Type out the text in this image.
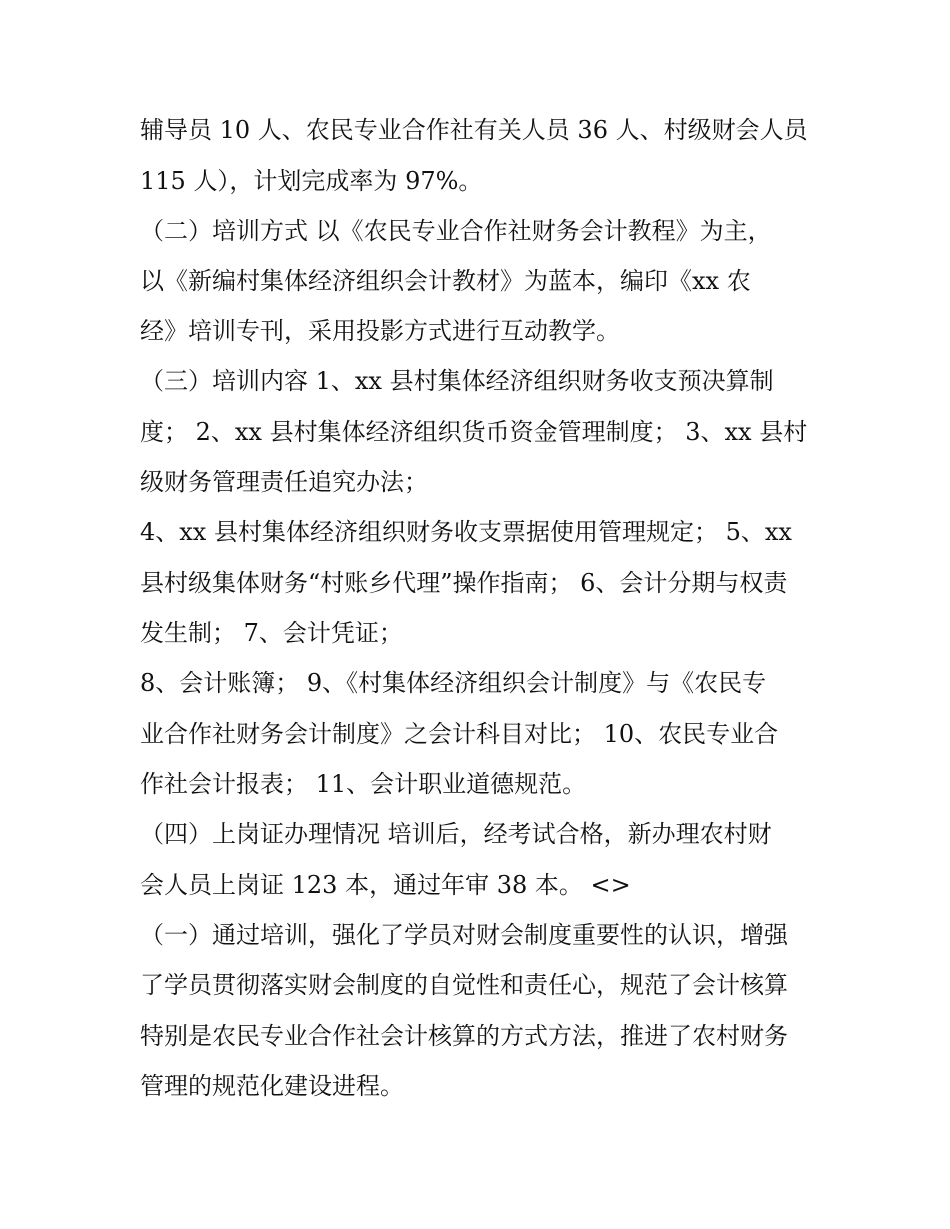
辅导员 10 人、农民专业合作社有关人员 36 人、村级财会人员
115 人），计划完成率为 97%。
（二）培训方式 以《农民专业合作社财务会计教程》为主，
以《新编村集体经济组织会计教材》为蓝本，编印《xx 农
经》培训专刊，采用投影方式进行互动教学。
（三）培训内容 1、xx 县村集体经济组织财务收支预决算制
度； 2、xx 县村集体经济组织货币资金管理制度； 3、xx 县村
级财务管理责任追究办法；
4、xx 县村集体经济组织财务收支票据使用管理规定； 5、xx
县村级集体财务“村账乡代理”操作指南； 6、会计分期与权责
发生制； 7、会计凭证；
8、会计账簿； 9、《村集体经济组织会计制度》与《农民专
业合作社财务会计制度》之会计科目对比； 10、农民专业合
作社会计报表； 11、会计职业道德规范。
（四）上岗证办理情况 培训后，经考试合格，新办理农村财
会人员上岗证 123 本，通过年审 38 本。 <>
（一）通过培训，强化了学员对财会制度重要性的认识，增强
了学员贯彻落实财会制度的自觉性和责任心，规范了会计核算
特别是农民专业合作社会计核算的方式方法，推进了农村财务
管理的规范化建设进程。
